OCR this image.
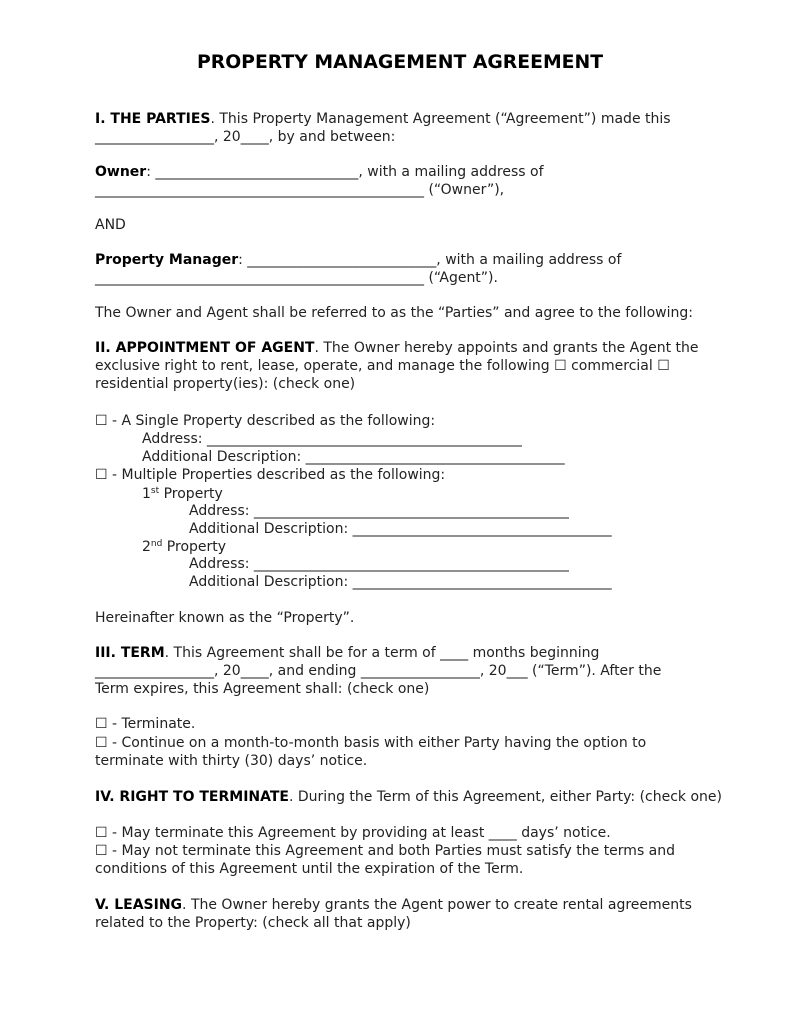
PROPERTY MANAGEMENT AGREEMENT
I. THE PARTIES. This Property Management Agreement (“Agreement”) made this
_________________, 20____, by and between:
Owner: _____________________________, with a mailing address of
_______________________________________________ (“Owner”),
AND
Property Manager: ___________________________, with a mailing address of
_______________________________________________ (“Agent”).
The Owner and Agent shall be referred to as the “Parties” and agree to the following:
II. APPOINTMENT OF AGENT. The Owner hereby appoints and grants the Agent the
exclusive right to rent, lease, operate, and manage the following ☐ commercial ☐
residential property(ies): (check one)
☐ - A Single Property described as the following:
Address: _____________________________________________
Additional Description: _____________________________________
☐ - Multiple Properties described as the following:
1st Property
Address: _____________________________________________
Additional Description: _____________________________________
2nd Property
Address: _____________________________________________
Additional Description: _____________________________________
Hereinafter known as the “Property”.
III. TERM. This Agreement shall be for a term of ____ months beginning
_________________, 20____, and ending _________________, 20___ (“Term”). After the
Term expires, this Agreement shall: (check one)
☐ - Terminate.
☐ - Continue on a month-to-month basis with either Party having the option to
terminate with thirty (30) days’ notice.
IV. RIGHT TO TERMINATE. During the Term of this Agreement, either Party: (check one)
☐ - May terminate this Agreement by providing at least ____ days’ notice.
☐ - May not terminate this Agreement and both Parties must satisfy the terms and
conditions of this Agreement until the expiration of the Term.
V. LEASING. The Owner hereby grants the Agent power to create rental agreements
related to the Property: (check all that apply)
